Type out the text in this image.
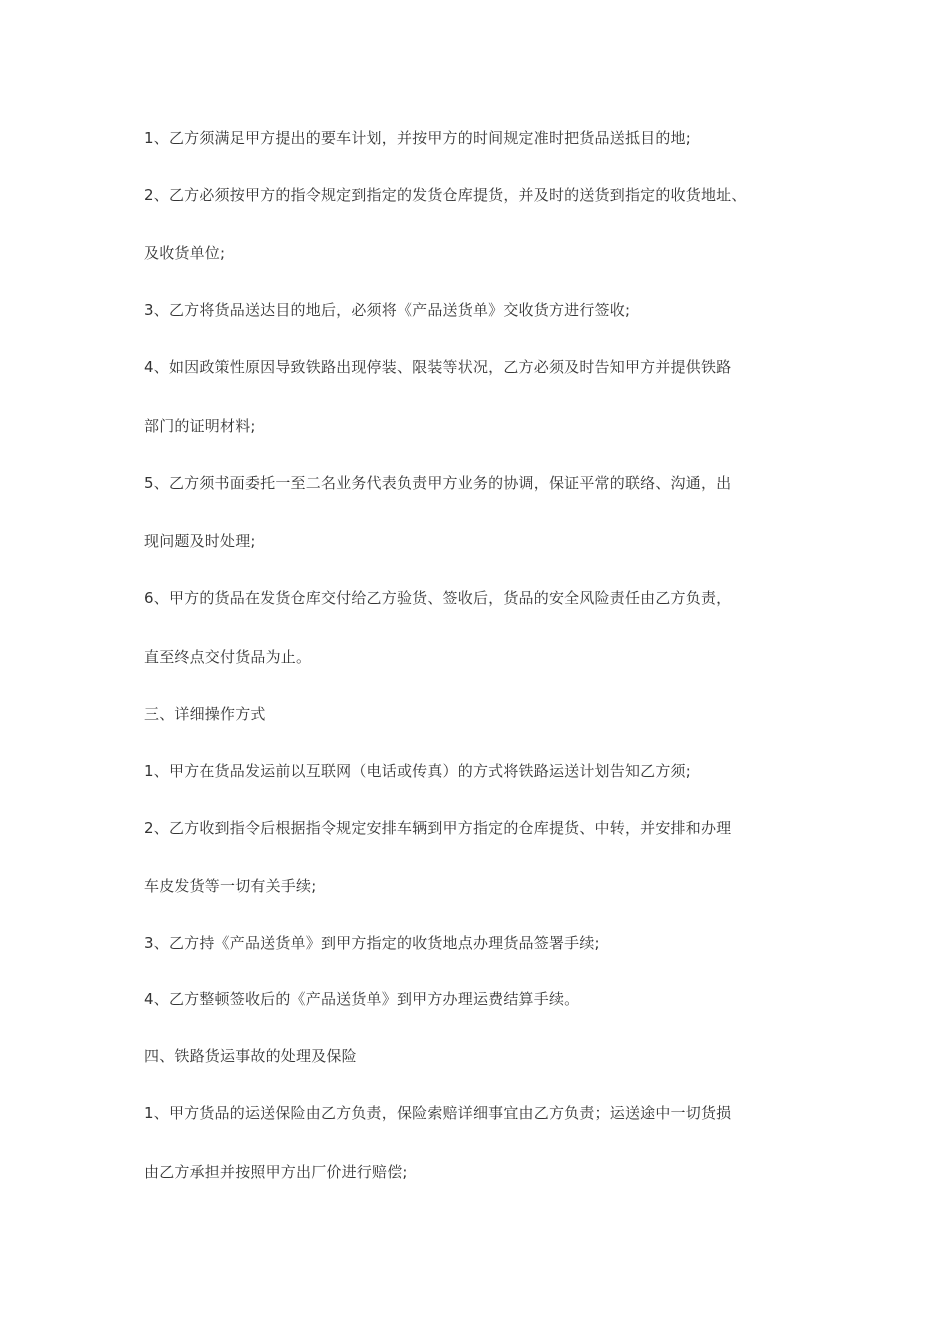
1、乙方须满足甲方提出的要车计划，并按甲方的时间规定准时把货品送抵目的地;
2、乙方必须按甲方的指令规定到指定的发货仓库提货，并及时的送货到指定的收货地址、
及收货单位;
3、乙方将货品送达目的地后，必须将《产品送货单》交收货方进行签收;
4、如因政策性原因导致铁路出现停装、限装等状况，乙方必须及时告知甲方并提供铁路
部门的证明材料;
5、乙方须书面委托一至二名业务代表负责甲方业务的协调，保证平常的联络、沟通，出
现问题及时处理;
6、甲方的货品在发货仓库交付给乙方验货、签收后，货品的安全风险责任由乙方负责，
直至终点交付货品为止。
三、详细操作方式
1、甲方在货品发运前以互联网（电话或传真）的方式将铁路运送计划告知乙方须;
2、乙方收到指令后根据指令规定安排车辆到甲方指定的仓库提货、中转，并安排和办理
车皮发货等一切有关手续;
3、乙方持《产品送货单》到甲方指定的收货地点办理货品签署手续;
4、乙方整顿签收后的《产品送货单》到甲方办理运费结算手续。
四、铁路货运事故的处理及保险
1、甲方货品的运送保险由乙方负责，保险索赔详细事宜由乙方负责；运送途中一切货损
由乙方承担并按照甲方出厂价进行赔偿;
